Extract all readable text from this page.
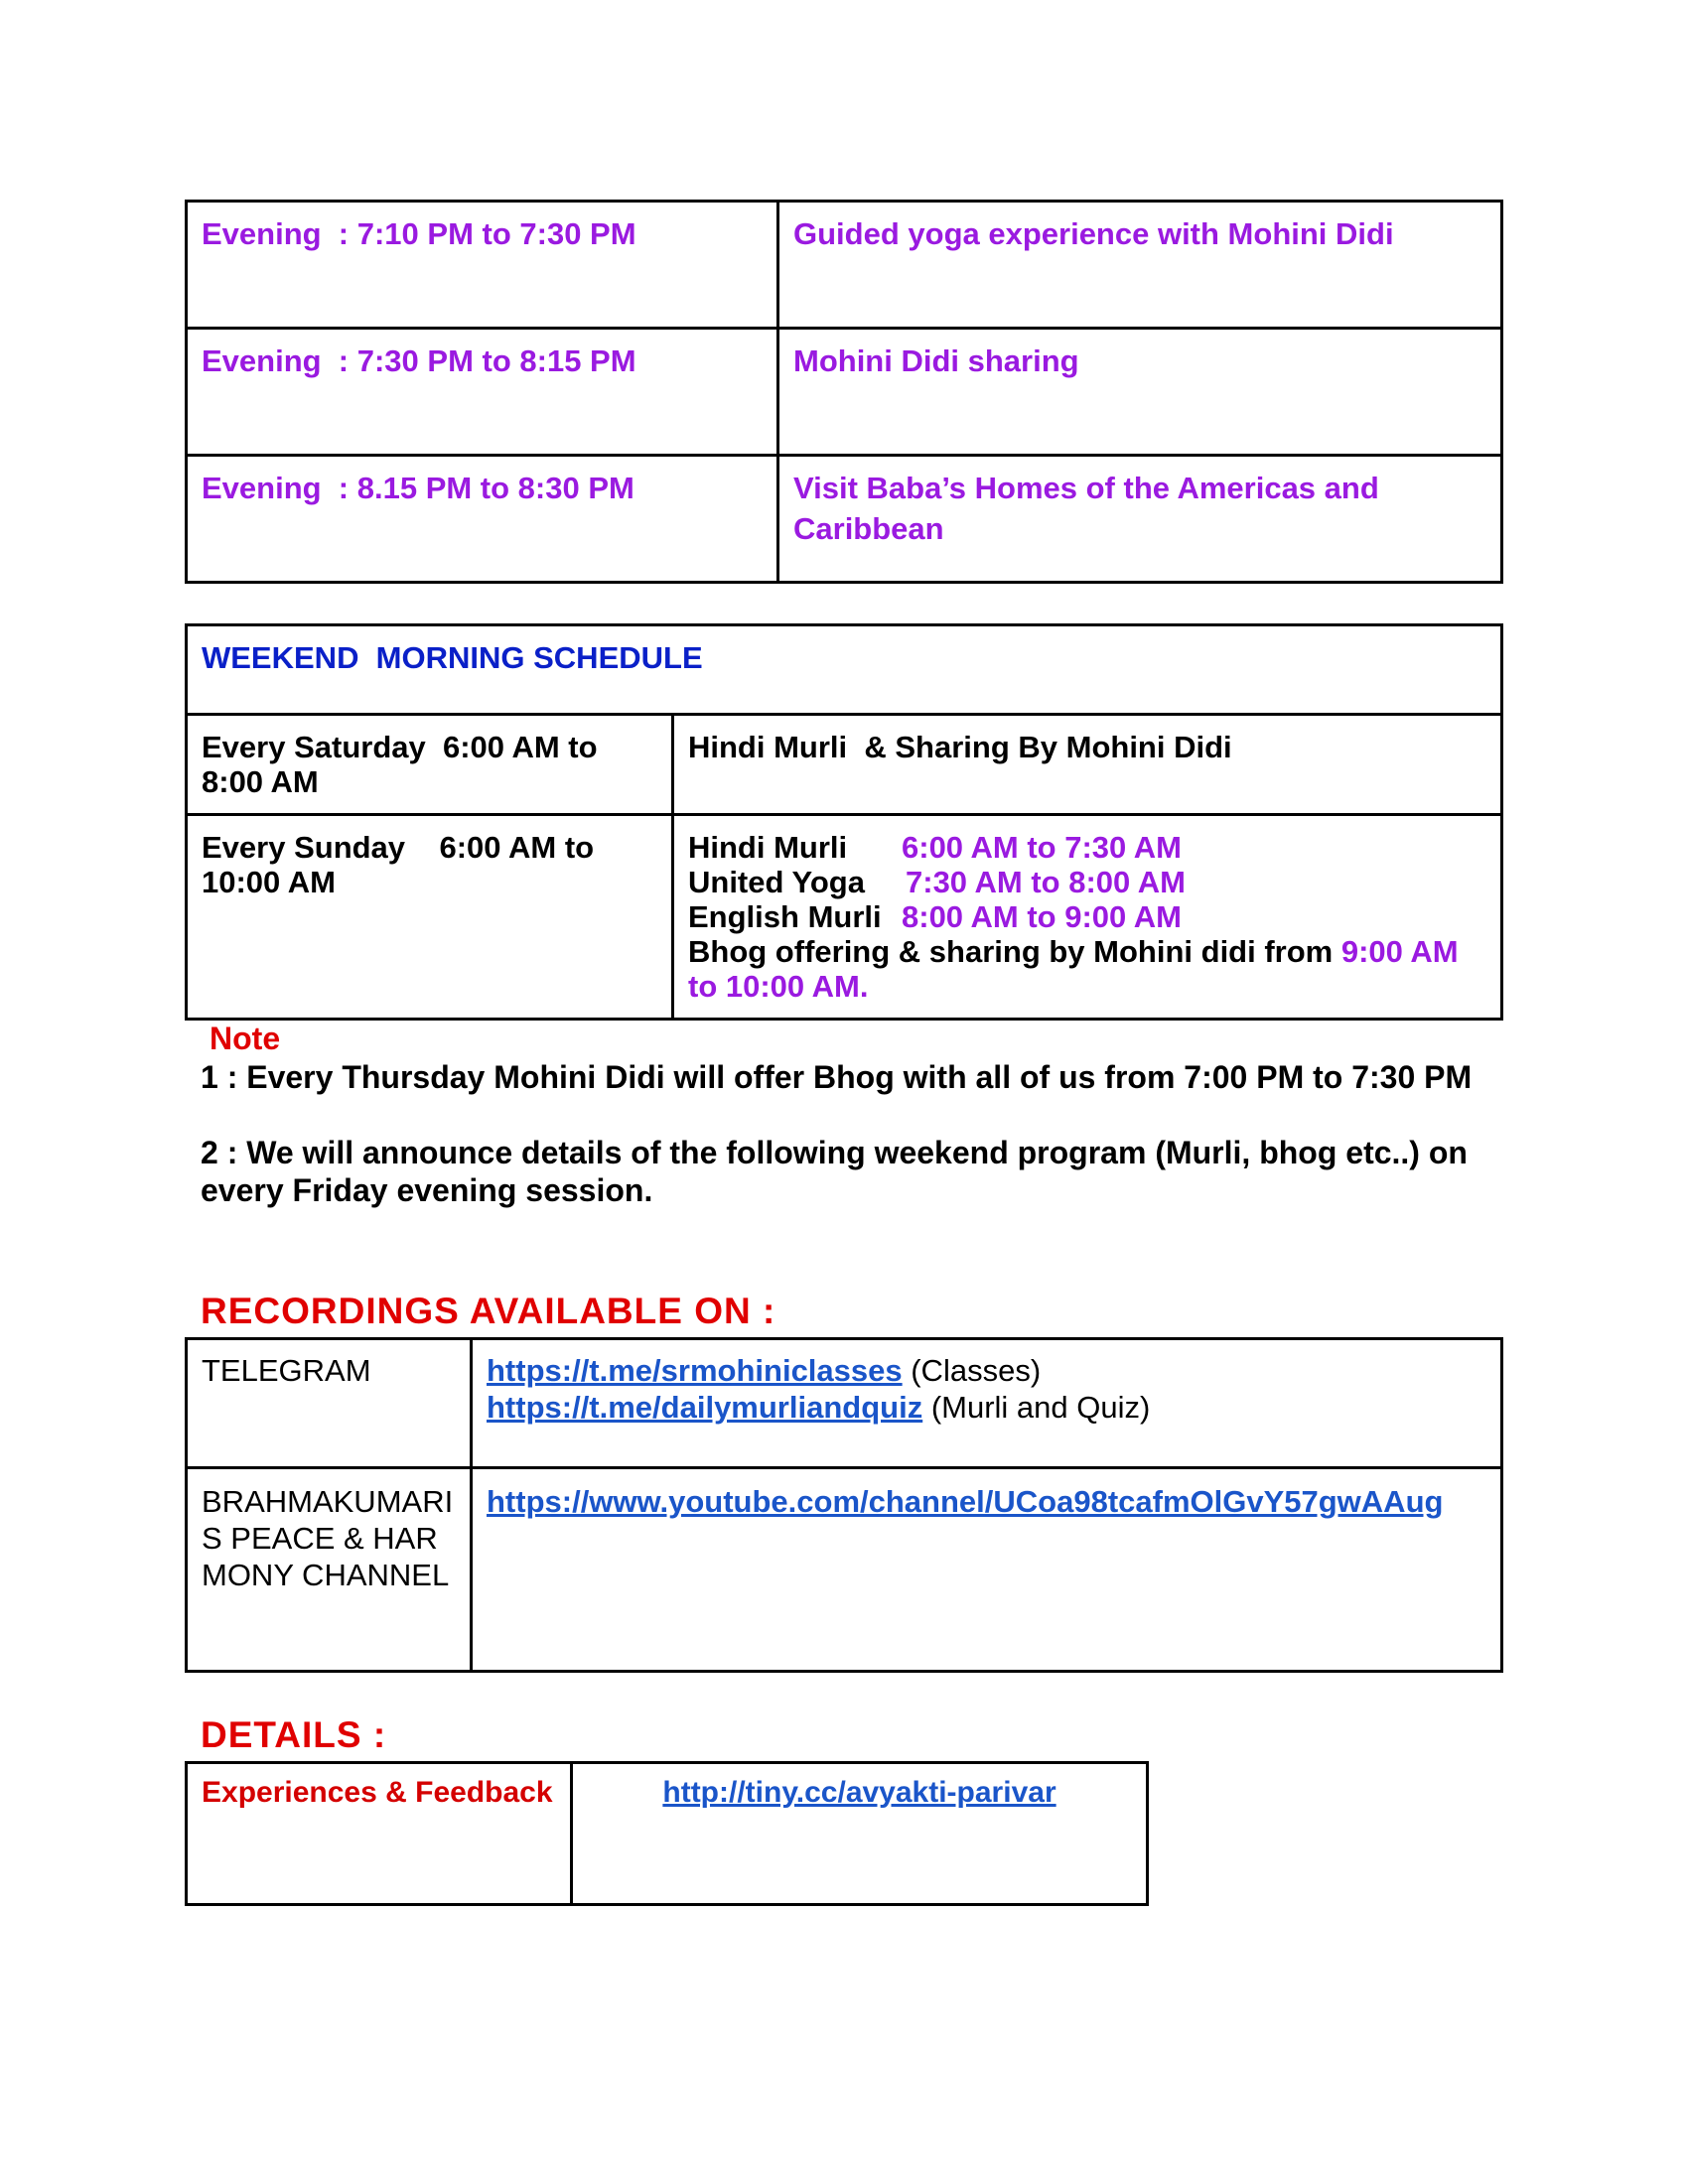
Evening  : 7:10 PM to 7:30 PM	Guided yoga experience with Mohini Didi
Evening  : 7:30 PM to 8:15 PM	Mohini Didi sharing
Evening  : 8.15 PM to 8:30 PM	Visit Baba’s Homes of the Americas and Caribbean
WEEKEND  MORNING SCHEDULE	

Every Saturday  6:00 AM to 8:00 AM	Hindi Murli  & Sharing By Mohini Didi

Every Sunday    6:00 AM to 10:00 AM	Hindi Murli 6:00 AM to 7:30 AM
United Yoga 7:30 AM to 8:00 AM
English Murli 8:00 AM to 9:00 AM
Bhog offering & sharing by Mohini didi from 9:00 AM to 10:00 AM.
Note
1 : Every Thursday Mohini Didi will offer Bhog with all of us from 7:00 PM to 7:30 PM
2 : We will announce details of the following weekend program (Murli, bhog etc..) on every Friday evening session.
RECORDINGS AVAILABLE ON :
TELEGRAM	https://t.me/srmohiniclasses (Classes)
https://t.me/dailymurliandquiz (Murli and Quiz)

BRAHMAKUMARIS PEACE & HARMONY CHANNEL	https://www.youtube.com/channel/UCoa98tcafmOlGvY57gwAAug
DETAILS :
Experiences & Feedback	http://tiny.cc/avyakti-parivar
